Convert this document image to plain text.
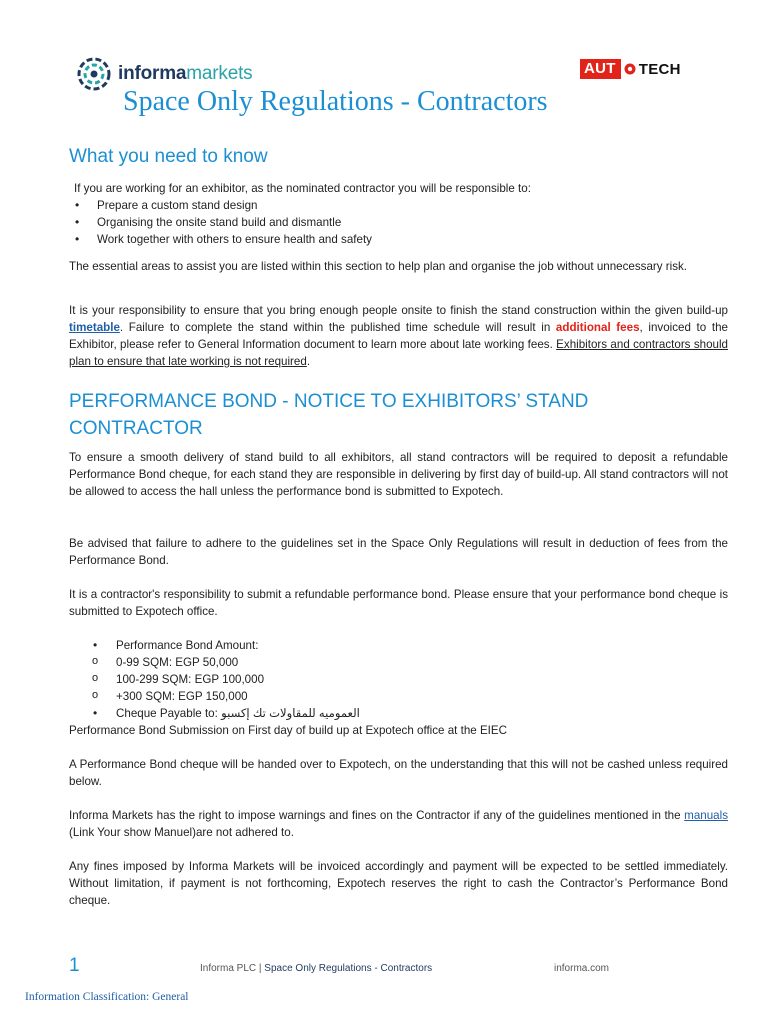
informa markets	AUT	TECH
Space Only Regulations - Contractors
What you need to know
If you are working for an exhibitor, as the nominated contractor you will be responsible to:
• Prepare a custom stand design
• Organising the onsite stand build and dismantle
• Work together with others to ensure health and safety
The essential areas to assist you are listed within this section to help plan and organise the job without unnecessary risk.
It is your responsibility to ensure that you bring enough people onsite to finish the stand construction within the given build-up timetable. Failure to complete the stand within the published time schedule will result in additional fees, invoiced to the Exhibitor, please refer to General Information document to learn more about late working fees. Exhibitors and contractors should plan to ensure that late working is not required.
PERFORMANCE BOND - NOTICE TO EXHIBITORS’ STAND CONTRACTOR
To ensure a smooth delivery of stand build to all exhibitors, all stand contractors will be required to deposit a refundable Performance Bond cheque, for each stand they are responsible in delivering by first day of build-up. All stand contractors will not be allowed to access the hall unless the performance bond is submitted to Expotech.
Be advised that failure to adhere to the guidelines set in the Space Only Regulations will result in deduction of fees from the Performance Bond.
It is a contractor's responsibility to submit a refundable performance bond. Please ensure that your performance bond cheque is submitted to Expotech office.
• Performance Bond Amount:
o 0-99 SQM: EGP 50,000
o 100-299 SQM: EGP 100,000
o +300 SQM: EGP 150,000
• Cheque Payable to: العموميه للمقاولات تك إكسبو
Performance Bond Submission on First day of build up at Expotech office at the EIEC
A Performance Bond cheque will be handed over to Expotech, on the understanding that this will not be cashed unless required below.
Informa Markets has the right to impose warnings and fines on the Contractor if any of the guidelines mentioned in the manuals (Link Your show Manuel)are not adhered to.
Any fines imposed by Informa Markets will be invoiced accordingly and payment will be expected to be settled immediately. Without limitation, if payment is not forthcoming, Expotech reserves the right to cash the Contractor’s Performance Bond cheque.
1	Informa PLC | Space Only Regulations - Contractors	informa.com
Information Classification: General
